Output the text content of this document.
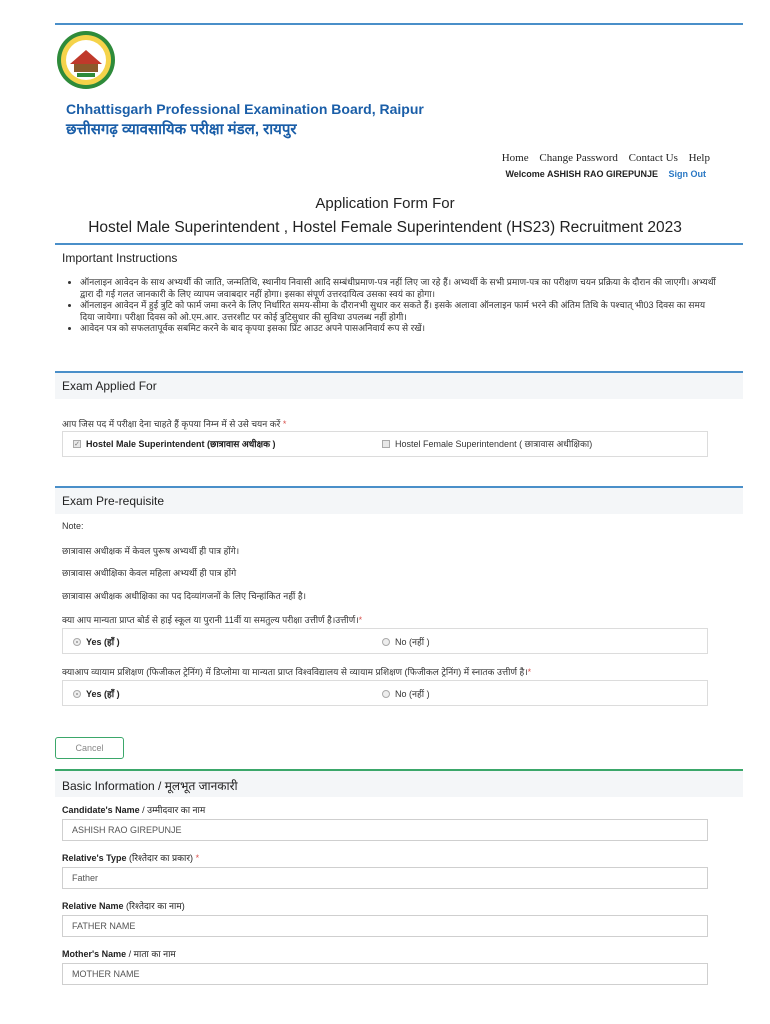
Chhattisgarh Professional Examination Board, Raipur
छत्तीसगढ़ व्यावसायिक परीक्षा मंडल, रायपुर
Home Change Password Contact Us Help
Welcome ASHISH RAO GIREPUNJE Sign Out
Application Form For
Hostel Male Superintendent , Hostel Female Superintendent (HS23) Recruitment 2023
Important Instructions
• ऑनलाइन आवेदन के साथ अभ्यर्थी की जाति, जन्मतिथि, स्थानीय निवासी आदि सम्बंधीप्रमाण-पत्र नहीं लिए जा रहे हैं। अभ्यर्थी के सभी प्रमाण-पत्र का परीक्षण चयन प्रक्रिया के दौरान की जाएगी। अभ्यर्थी द्वारा दी गई गलत जानकारी के लिए व्यापम जवाबदार नहीं होगा। इसका संपूर्ण उत्तरदायित्व उसका स्वयं का होगा।
• ऑनलाइन आवेदन में हुई त्रुटि को फार्म जमा करने के लिए निर्धारित समय-सीमा के दौरानभी सुधार कर सकते हैं। इसके अलावा ऑनलाइन फार्म भरने की अंतिम तिथि के पश्चात् भी03 दिवस का समय दिया जायेगा। परीक्षा दिवस को ओ.एम.आर. उत्तरशीट पर कोई त्रुटिसुधार की सुविधा उपलब्ध नहीं होगी।
• आवेदन पत्र को सफलतापूर्वक सबमिट करने के बाद कृपया इसका प्रिंट आउट अपने पासअनिवार्य रूप से रखें।
Exam Applied For
आप जिस पद में परीक्षा देना चाहते हैं कृपया निम्न में से उसे चयन करें *
✓ Hostel Male Superintendent (छात्रावास अधीक्षक )	Hostel Female Superintendent ( छात्रावास अधीक्षिका)
Exam Pre-requisite
Note:
छात्रावास अधीक्षक में केवल पुरूष अभ्यर्थी ही पात्र होंगे।
छात्रावास अधीक्षिका केवल महिला अभ्यर्थी ही पात्र होंगे
छात्रावास अधीक्षक अधीक्षिका का पद दिव्यांगजनों के लिए चिन्हांकित नहीं है।
क्या आप मान्यता प्राप्त बोर्ड से हाई स्कूल या पुरानी 11वीं या समतुल्य परीक्षा उत्तीर्ण है।उत्तीर्ण।*
Yes (हाँ )	No (नहीं )
क्याआप व्यायाम प्रशिक्षण (फिजीकल ट्रेनिंग) में डिप्लोमा या मान्यता प्राप्त विश्वविद्यालय से व्यायाम प्रशिक्षण (फिजीकल ट्रेनिंग) में स्नातक उत्तीर्ण है।*
Yes (हाँ )	No (नहीं )
Cancel
Basic Information / मूलभूत जानकारी
Candidate's Name / उम्मीदवार का नाम
ASHISH RAO GIREPUNJE
Relative's Type (रिश्तेदार का प्रकार) *
Father
Relative Name (रिश्तेदार का नाम)
FATHER NAME
Mother's Name / माता का नाम
MOTHER NAME
